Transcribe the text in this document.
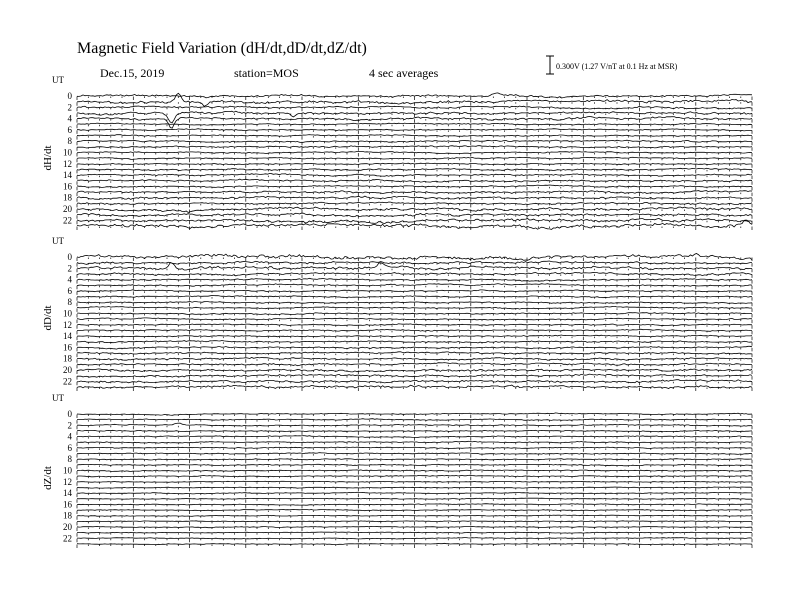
Magnetic Field Variation (dH/dt,dD/dt,dZ/dt)
Dec.15, 2019	station=MOS	4 sec averages	0.300V (1.27 V/nT at 0.1 Hz at MSR)
UT
dH/dt
0
2
4
6
8
10
12
14
16
18
20
22
UT
dD/dt
0
2
4
6
8
10
12
14
16
18
20
22
UT
dZ/dt
0
2
4
6
8
10
12
14
16
18
20
22
